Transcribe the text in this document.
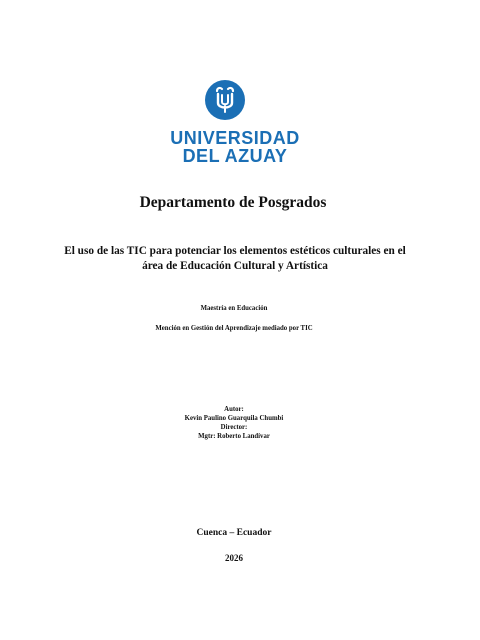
UNIVERSIDAD
DEL AZUAY
Departamento de Posgrados
El uso de las TIC para potenciar los elementos estéticos culturales en el
área de Educación Cultural y Artística
Maestría en Educación
Mención en Gestión del Aprendizaje mediado por TIC
Autor:
Kevin Paulino Guarquila Chumbi
Director:
Mgtr: Roberto Landívar
Cuenca – Ecuador
2026
